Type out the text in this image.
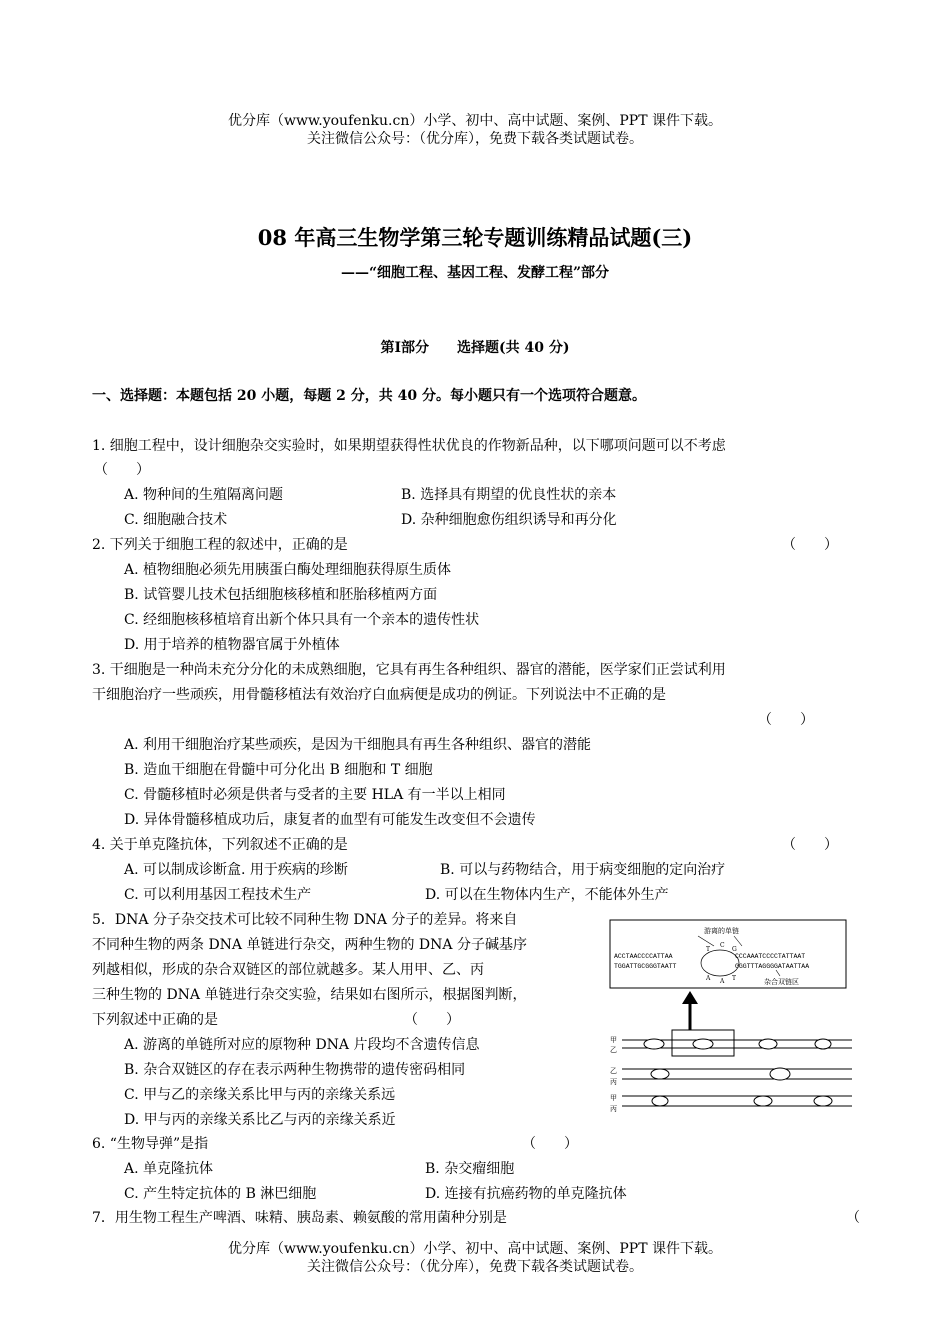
优分库（www.youfenku.cn）小学、初中、高中试题、案例、PPT 课件下载。
关注微信公众号：（优分库），免费下载各类试题试卷。
08 年高三生物学第三轮专题训练精品试题(三)
——“细胞工程、基因工程、发酵工程”部分
第Ⅰ部分　　选择题(共 40 分)
一、选择题：本题包括 20 小题，每题 2 分，共 40 分。每小题只有一个选项符合题意。
1. 细胞工程中，设计细胞杂交实验时，如果期望获得性状优良的作物新品种，以下哪项问题可以不考虑
（　　）
A. 物种间的生殖隔离问题	B. 选择具有期望的优良性状的亲本
C. 细胞融合技术	D. 杂种细胞愈伤组织诱导和再分化
2. 下列关于细胞工程的叙述中，正确的是	（　　）
A. 植物细胞必须先用胰蛋白酶处理细胞获得原生质体
B. 试管婴儿技术包括细胞核移植和胚胎移植两方面
C. 经细胞核移植培育出新个体只具有一个亲本的遗传性状
D. 用于培养的植物器官属于外植体
3. 干细胞是一种尚未充分分化的未成熟细胞，它具有再生各种组织、器官的潜能，医学家们正尝试利用
干细胞治疗一些顽疾，用骨髓移植法有效治疗白血病便是成功的例证。下列说法中不正确的是
（　　）
A. 利用干细胞治疗某些顽疾，是因为干细胞具有再生各种组织、器官的潜能
B. 造血干细胞在骨髓中可分化出 B 细胞和 T 细胞
C. 骨髓移植时必须是供者与受者的主要 HLA 有一半以上相同
D. 异体骨髓移植成功后，康复者的血型有可能发生改变但不会遗传
4. 关于单克隆抗体，下列叙述不正确的是	（　　）
A. 可以制成诊断盒. 用于疾病的珍断	B. 可以与药物结合，用于病变细胞的定向治疗
C. 可以利用基因工程技术生产	D. 可以在生物体内生产，不能体外生产
5．DNA 分子杂交技术可比较不同种生物 DNA 分子的差异。将来自
不同种生物的两条 DNA 单链进行杂交，两种生物的 DNA 分子碱基序
列越相似，形成的杂合双链区的部位就越多。某人用甲、乙、丙
三种生物的 DNA 单链进行杂交实验，结果如右图所示，根据图判断，
下列叙述中正确的是	（　　）
A. 游离的单链所对应的原物种 DNA 片段均不含遗传信息
B. 杂合双链区的存在表示两种生物携带的遗传密码相同
C. 甲与乙的亲缘关系比甲与丙的亲缘关系远
D. 甲与丙的亲缘关系比乙与丙的亲缘关系近
游离的单链
ACCTAACCCCATTAA
TGGATTGCGGGTAATT
CCCAAATCCCCTATTAAT
GGGTTTAGGGGATAATTAA
T
C
G
A A T
杂合双链区
甲
乙
乙
丙
甲
丙
6. “生物导弹”是指	（　　）
A. 单克隆抗体	B. 杂交瘤细胞
C. 产生特定抗体的 B 淋巴细胞	D. 连接有抗癌药物的单克隆抗体
7．用生物工程生产啤酒、味精、胰岛素、赖氨酸的常用菌种分别是	（
优分库（www.youfenku.cn）小学、初中、高中试题、案例、PPT 课件下载。
关注微信公众号：（优分库），免费下载各类试题试卷。
